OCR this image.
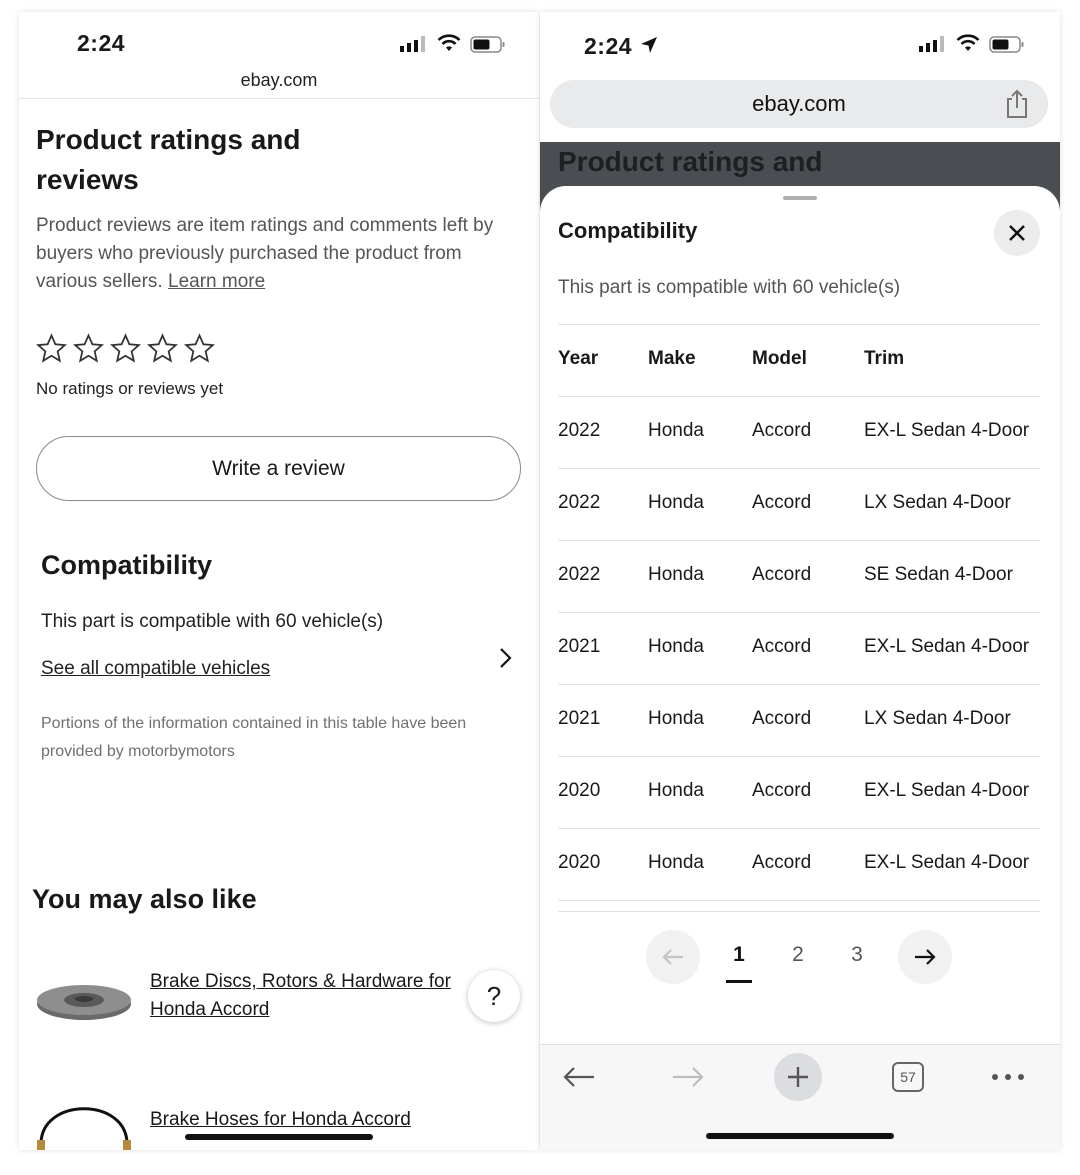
2:24
ebay.com
Product ratings and reviews
Product reviews are item ratings and comments left by buyers who previously purchased the product from various sellers. Learn more
No ratings or reviews yet
Write a review
Compatibility
This part is compatible with 60 vehicle(s)
See all compatible vehicles
Portions of the information contained in this table have been provided by motorbymotors
You may also like
Brake Discs, Rotors & Hardware for Honda Accord	?
Brake Hoses for Honda Accord
2:24
ebay.com
Product ratings and
Compatibility
This part is compatible with 60 vehicle(s)
Year	Make	Model	Trim
2022	Honda	Accord	EX-L Sedan 4-Door
2022	Honda	Accord	LX Sedan 4-Door
2022	Honda	Accord	SE Sedan 4-Door
2021	Honda	Accord	EX-L Sedan 4-Door
2021	Honda	Accord	LX Sedan 4-Door
2020	Honda	Accord	EX-L Sedan 4-Door
2020	Honda	Accord	EX-L Sedan 4-Door
1 2 3
57
